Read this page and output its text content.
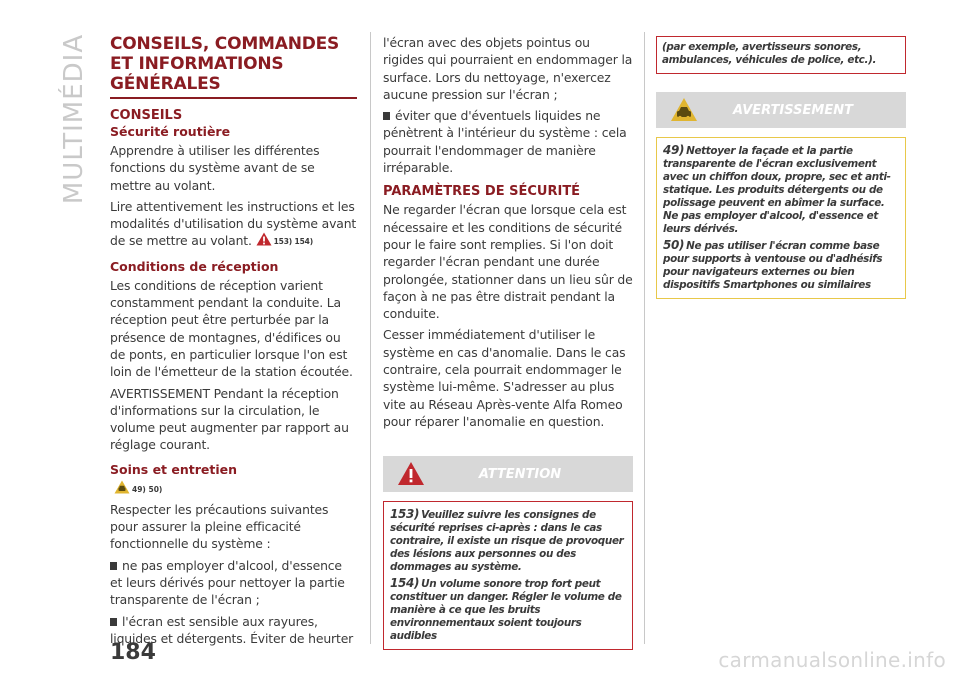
MULTIMÉDIA CONSEILS, COMMANDES ET INFORMATIONS GÉNÉRALES
CONSEILS
Sécurité routière

Apprendre à utiliser les différentes fonctions du système avant de se mettre au volant.

Lire attentivement les instructions et les modalités d'utilisation du système avant de se mettre au volant.	153) 154)

Conditions de réception

Les conditions de réception varient constamment pendant la conduite. La réception peut être perturbée par la présence de montagnes, d'édifices ou de ponts, en particulier lorsque l'on est loin de l'émetteur de la station écoutée.

AVERTISSEMENT Pendant la réception d'informations sur la circulation, le volume peut augmenter par rapport au réglage courant.

Soins et entretien
49) 50)

Respecter les précautions suivantes pour assurer la pleine efficacité fonctionnelle du système :

ne pas employer d'alcool, d'essence et leurs dérivés pour nettoyer la partie transparente de l'écran ;

l'écran est sensible aux rayures, liquides et détergents. Éviter de heurter

l'écran avec des objets pointus ou rigides qui pourraient en endommager la surface. Lors du nettoyage, n'exercez aucune pression sur l'écran ;

éviter que d'éventuels liquides ne pénètrent à l'intérieur du système : cela pourrait l'endommager de manière irréparable.

PARAMÈTRES DE SÉCURITÉ

Ne regarder l'écran que lorsque cela est nécessaire et les conditions de sécurité pour le faire sont remplies. Si l'on doit regarder l'écran pendant une durée prolongée, stationner dans un lieu sûr de façon à ne pas être distrait pendant la conduite.

Cesser immédiatement d'utiliser le système en cas d'anomalie. Dans le cas contraire, cela pourrait endommager le système lui-même. S'adresser au plus vite au Réseau Après-vente Alfa Romeo pour réparer l'anomalie en question.

ATTENTION

153) Veuillez suivre les consignes de sécurité reprises ci-après : dans le cas contraire, il existe un risque de provoquer des lésions aux personnes ou des dommages au système.

154) Un volume sonore trop fort peut constituer un danger. Régler le volume de manière à ce que les bruits environnementaux soient toujours audibles

(par exemple, avertisseurs sonores, ambulances, véhicules de police, etc.).

AVERTISSEMENT

49) Nettoyer la façade et la partie transparente de l'écran exclusivement avec un chiffon doux, propre, sec et anti-statique. Les produits détergents ou de polissage peuvent en abîmer la surface. Ne pas employer d'alcool, d'essence et leurs dérivés.

50) Ne pas utiliser l'écran comme base pour supports à ventouse ou d'adhésifs pour navigateurs externes ou bien dispositifs Smartphones ou similaires

184	carmanualsonline.info
